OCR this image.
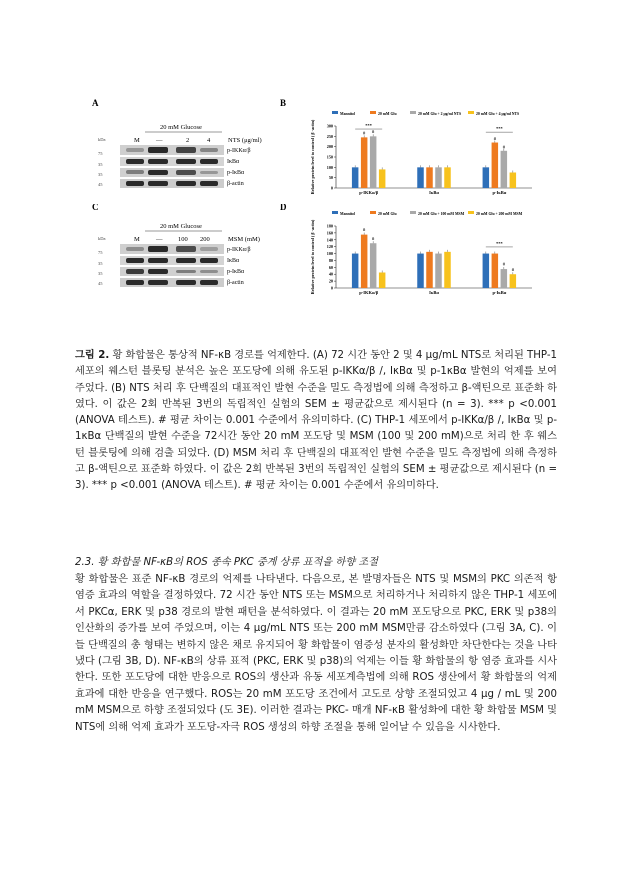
A
20 mM Glucose
NTS (μg/ml)
M —	2	4
kDa
75
35
35
45
p-IKKα/β
IκBα
p-IκBα
β-actin
C
20 mM Glucose
MSM (mM)
M — 100 200
kDa
75
35
35
45
p-IKKα/β
IκBα
p-IκBα
β-actin
B
Mannitol	20 mM Glu	20 mM Glu + 2 μg/ml NTS	20 mM Glu + 4 μg/ml NTS
0
50
100
150
200
250
300
Relative protein level to control ( β -actin)	p-IKKα/β	IκBα	p-IκBα
***
***
# #
#
#
D
Mannitol	20 mM Glu	20 mM Glu + 100 mM MSM	20 mM Glu + 200 mM MSM
0
20
40
60
80
100
120
140
160
180
Relative protein level to control ( β -actin)	p-IKKα/β	IκBα	p-IκBα
#
#
***
#
#
그림 2. 황 화합물은 통상적 NF-κB 경로를 억제한다. (A) 72 시간 동안 2 및 4 μg/mL NTS로 처리된 THP-1 세포의 웨스턴 블롯팅 분석은 높은 포도당에 의해 유도된 p-IKKα/β /, IκBα 및 p-1κBα 발현의 억제를 보여 주었다. (B) NTS 처리 후 단백질의 대표적인 발현 수준을 밀도 측정법에 의해 측정하고 β-액틴으로 표준화 하였다. 이 값은 2회 반복된 3번의 독립적인 실험의 SEM ± 평균값으로 제시된다 (n = 3). *** p <0.001 (ANOVA 테스트). # 평균 차이는 0.001 수준에서 유의미하다. (C) THP-1 세포에서 p-IKKα/β /, IκBα 및 p-1κBα 단백질의 발현 수준을 72시간 동안 20 mM 포도당 및 MSM (100 및 200 mM)으로 처리 한 후 웨스턴 블롯팅에 의해 검출 되었다. (D) MSM 처리 후 단백질의 대표적인 발현 수준을 밀도 측정법에 의해 측정하고 β-액틴으로 표준화 하였다. 이 값은 2회 반복된 3번의 독립적인 실험의 SEM ± 평균값으로 제시된다 (n = 3). *** p <0.001 (ANOVA 테스트). # 평균 차이는 0.001 수준에서 유의미하다.
2.3. 황 화합물 NF-κB의 ROS 종속 PKC 중계 상류 표적을 하향 조절
황 화합물은 표준 NF-κB 경로의 억제를 나타낸다. 다음으로, 본 발명자들은 NTS 및 MSM의 PKC 의존적 항 염증 효과의 역할을 결정하였다. 72 시간 동안 NTS 또는 MSM으로 처리하거나 처리하지 않은 THP-1 세포에서 PKCα, ERK 및 p38 경로의 발현 패턴을 분석하였다. 이 결과는 20 mM 포도당으로 PKC, ERK 및 p38의 인산화의 증가를 보여 주었으며, 이는 4 μg/mL NTS 또는 200 mM MSM만큼 감소하였다 (그림 3A, C). 이들 단백질의 총 형태는 변하지 않은 채로 유지되어 황 화합물이 염증성 분자의 활성화만 차단한다는 것을 나타냈다 (그림 3B, D). NF-κB의 상류 표적 (PKC, ERK 및 p38)의 억제는 이들 황 화합물의 항 염증 효과를 시사한다. 또한 포도당에 대한 반응으로 ROS의 생산과 유동 세포계측법에 의해 ROS 생산에서 황 화합물의 억제 효과에 대한 반응을 연구했다. ROS는 20 mM 포도당 조건에서 고도로 상향 조절되었고 4 μg / mL 및 200 mM MSM으로 하향 조절되었다 (도 3E). 이러한 결과는 PKC- 매개 NF-κB 활성화에 대한 황 화합물 MSM 및 NTS에 의해 억제 효과가 포도당-자극 ROS 생성의 하향 조절을 통해 일어날 수 있음을 시사한다.
